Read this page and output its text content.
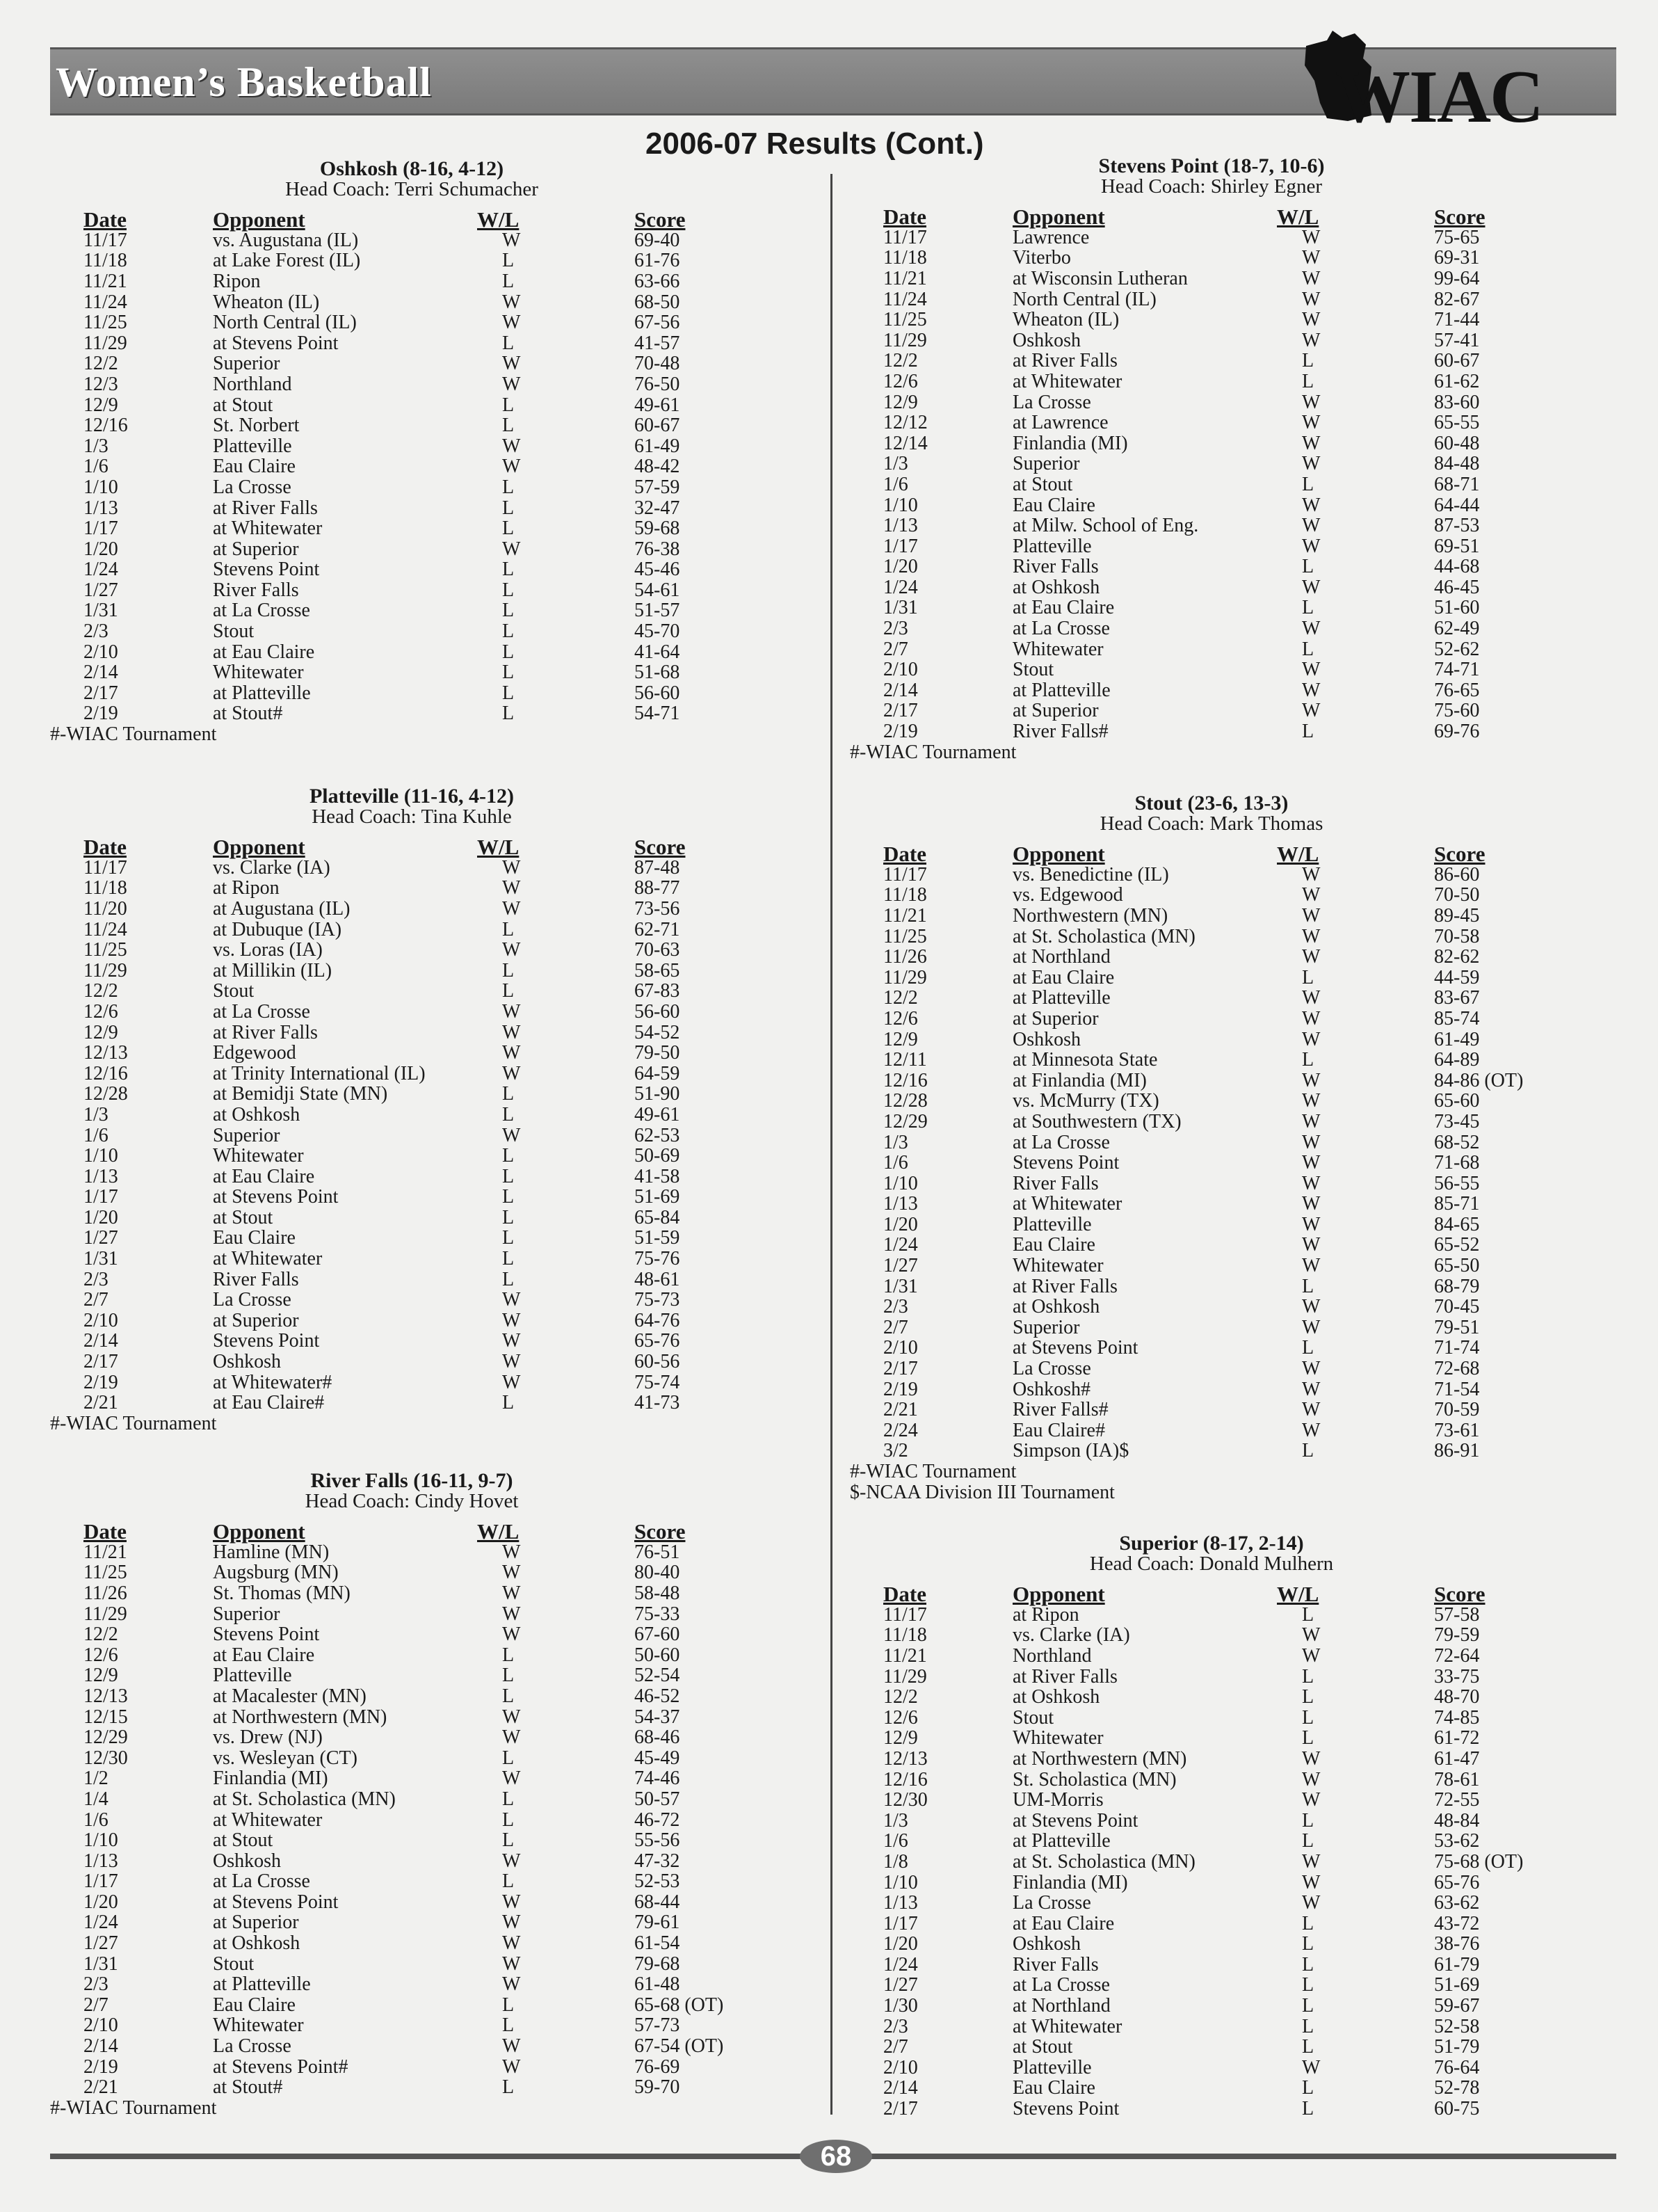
Women’s Basketball	WIAC
2006-07 Results (Cont.)
Oshkosh (8-16, 4-12)
Head Coach: Terri Schumacher
Date	Opponent	W/L	Score
11/17	vs. Augustana (IL)	W	69-40
11/18	at Lake Forest (IL)	L	61-76
11/21	Ripon	L	63-66
11/24	Wheaton (IL)	W	68-50
11/25	North Central (IL)	W	67-56
11/29	at Stevens Point	L	41-57
12/2	Superior	W	70-48
12/3	Northland	W	76-50
12/9	at Stout	L	49-61
12/16	St. Norbert	L	60-67
1/3	Platteville	W	61-49
1/6	Eau Claire	W	48-42
1/10	La Crosse	L	57-59
1/13	at River Falls	L	32-47
1/17	at Whitewater	L	59-68
1/20	at Superior	W	76-38
1/24	Stevens Point	L	45-46
1/27	River Falls	L	54-61
1/31	at La Crosse	L	51-57
2/3	Stout	L	45-70
2/10	at Eau Claire	L	41-64
2/14	Whitewater	L	51-68
2/17	at Platteville	L	56-60
2/19	at Stout#	L	54-71
#-WIAC Tournament
Platteville (11-16, 4-12)
Head Coach: Tina Kuhle
Date	Opponent	W/L	Score
11/17	vs. Clarke (IA)	W	87-48
11/18	at Ripon	W	88-77
11/20	at Augustana (IL)	W	73-56
11/24	at Dubuque (IA)	L	62-71
11/25	vs. Loras (IA)	W	70-63
11/29	at Millikin (IL)	L	58-65
12/2	Stout	L	67-83
12/6	at La Crosse	W	56-60
12/9	at River Falls	W	54-52
12/13	Edgewood	W	79-50
12/16	at Trinity International (IL)	W	64-59
12/28	at Bemidji State (MN)	L	51-90
1/3	at Oshkosh	L	49-61
1/6	Superior	W	62-53
1/10	Whitewater	L	50-69
1/13	at Eau Claire	L	41-58
1/17	at Stevens Point	L	51-69
1/20	at Stout	L	65-84
1/27	Eau Claire	L	51-59
1/31	at Whitewater	L	75-76
2/3	River Falls	L	48-61
2/7	La Crosse	W	75-73
2/10	at Superior	W	64-76
2/14	Stevens Point	W	65-76
2/17	Oshkosh	W	60-56
2/19	at Whitewater#	W	75-74
2/21	at Eau Claire#	L	41-73
#-WIAC Tournament
River Falls (16-11, 9-7)
Head Coach: Cindy Hovet
Date	Opponent	W/L	Score
11/21	Hamline (MN)	W	76-51
11/25	Augsburg (MN)	W	80-40
11/26	St. Thomas (MN)	W	58-48
11/29	Superior	W	75-33
12/2	Stevens Point	W	67-60
12/6	at Eau Claire	L	50-60
12/9	Platteville	L	52-54
12/13	at Macalester (MN)	L	46-52
12/15	at Northwestern (MN)	W	54-37
12/29	vs. Drew (NJ)	W	68-46
12/30	vs. Wesleyan (CT)	L	45-49
1/2	Finlandia (MI)	W	74-46
1/4	at St. Scholastica (MN)	L	50-57
1/6	at Whitewater	L	46-72
1/10	at Stout	L	55-56
1/13	Oshkosh	W	47-32
1/17	at La Crosse	L	52-53
1/20	at Stevens Point	W	68-44
1/24	at Superior	W	79-61
1/27	at Oshkosh	W	61-54
1/31	Stout	W	79-68
2/3	at Platteville	W	61-48
2/7	Eau Claire	L	65-68 (OT)
2/10	Whitewater	L	57-73
2/14	La Crosse	W	67-54 (OT)
2/19	at Stevens Point#	W	76-69
2/21	at Stout#	L	59-70
#-WIAC Tournament
Stevens Point (18-7, 10-6)
Head Coach: Shirley Egner
Date	Opponent	W/L	Score
11/17	Lawrence	W	75-65
11/18	Viterbo	W	69-31
11/21	at Wisconsin Lutheran	W	99-64
11/24	North Central (IL)	W	82-67
11/25	Wheaton (IL)	W	71-44
11/29	Oshkosh	W	57-41
12/2	at River Falls	L	60-67
12/6	at Whitewater	L	61-62
12/9	La Crosse	W	83-60
12/12	at Lawrence	W	65-55
12/14	Finlandia (MI)	W	60-48
1/3	Superior	W	84-48
1/6	at Stout	L	68-71
1/10	Eau Claire	W	64-44
1/13	at Milw. School of Eng.	W	87-53
1/17	Platteville	W	69-51
1/20	River Falls	L	44-68
1/24	at Oshkosh	W	46-45
1/31	at Eau Claire	L	51-60
2/3	at La Crosse	W	62-49
2/7	Whitewater	L	52-62
2/10	Stout	W	74-71
2/14	at Platteville	W	76-65
2/17	at Superior	W	75-60
2/19	River Falls#	L	69-76
#-WIAC Tournament
Stout (23-6, 13-3)
Head Coach: Mark Thomas
Date	Opponent	W/L	Score
11/17	vs. Benedictine (IL)	W	86-60
11/18	vs. Edgewood	W	70-50
11/21	Northwestern (MN)	W	89-45
11/25	at St. Scholastica (MN)	W	70-58
11/26	at Northland	W	82-62
11/29	at Eau Claire	L	44-59
12/2	at Platteville	W	83-67
12/6	at Superior	W	85-74
12/9	Oshkosh	W	61-49
12/11	at Minnesota State	L	64-89
12/16	at Finlandia (MI)	W	84-86 (OT)
12/28	vs. McMurry (TX)	W	65-60
12/29	at Southwestern (TX)	W	73-45
1/3	at La Crosse	W	68-52
1/6	Stevens Point	W	71-68
1/10	River Falls	W	56-55
1/13	at Whitewater	W	85-71
1/20	Platteville	W	84-65
1/24	Eau Claire	W	65-52
1/27	Whitewater	W	65-50
1/31	at River Falls	L	68-79
2/3	at Oshkosh	W	70-45
2/7	Superior	W	79-51
2/10	at Stevens Point	L	71-74
2/17	La Crosse	W	72-68
2/19	Oshkosh#	W	71-54
2/21	River Falls#	W	70-59
2/24	Eau Claire#	W	73-61
3/2	Simpson (IA)$	L	86-91
#-WIAC Tournament
$-NCAA Division III Tournament
Superior (8-17, 2-14)
Head Coach: Donald Mulhern
Date	Opponent	W/L	Score
11/17	at Ripon	L	57-58
11/18	vs. Clarke (IA)	W	79-59
11/21	Northland	W	72-64
11/29	at River Falls	L	33-75
12/2	at Oshkosh	L	48-70
12/6	Stout	L	74-85
12/9	Whitewater	L	61-72
12/13	at Northwestern (MN)	W	61-47
12/16	St. Scholastica (MN)	W	78-61
12/30	UM-Morris	W	72-55
1/3	at Stevens Point	L	48-84
1/6	at Platteville	L	53-62
1/8	at St. Scholastica (MN)	W	75-68 (OT)
1/10	Finlandia (MI)	W	65-76
1/13	La Crosse	W	63-62
1/17	at Eau Claire	L	43-72
1/20	Oshkosh	L	38-76
1/24	River Falls	L	61-79
1/27	at La Crosse	L	51-69
1/30	at Northland	L	59-67
2/3	at Whitewater	L	52-58
2/7	at Stout	L	51-79
2/10	Platteville	W	76-64
2/14	Eau Claire	L	52-78
2/17	Stevens Point	L	60-75
68
